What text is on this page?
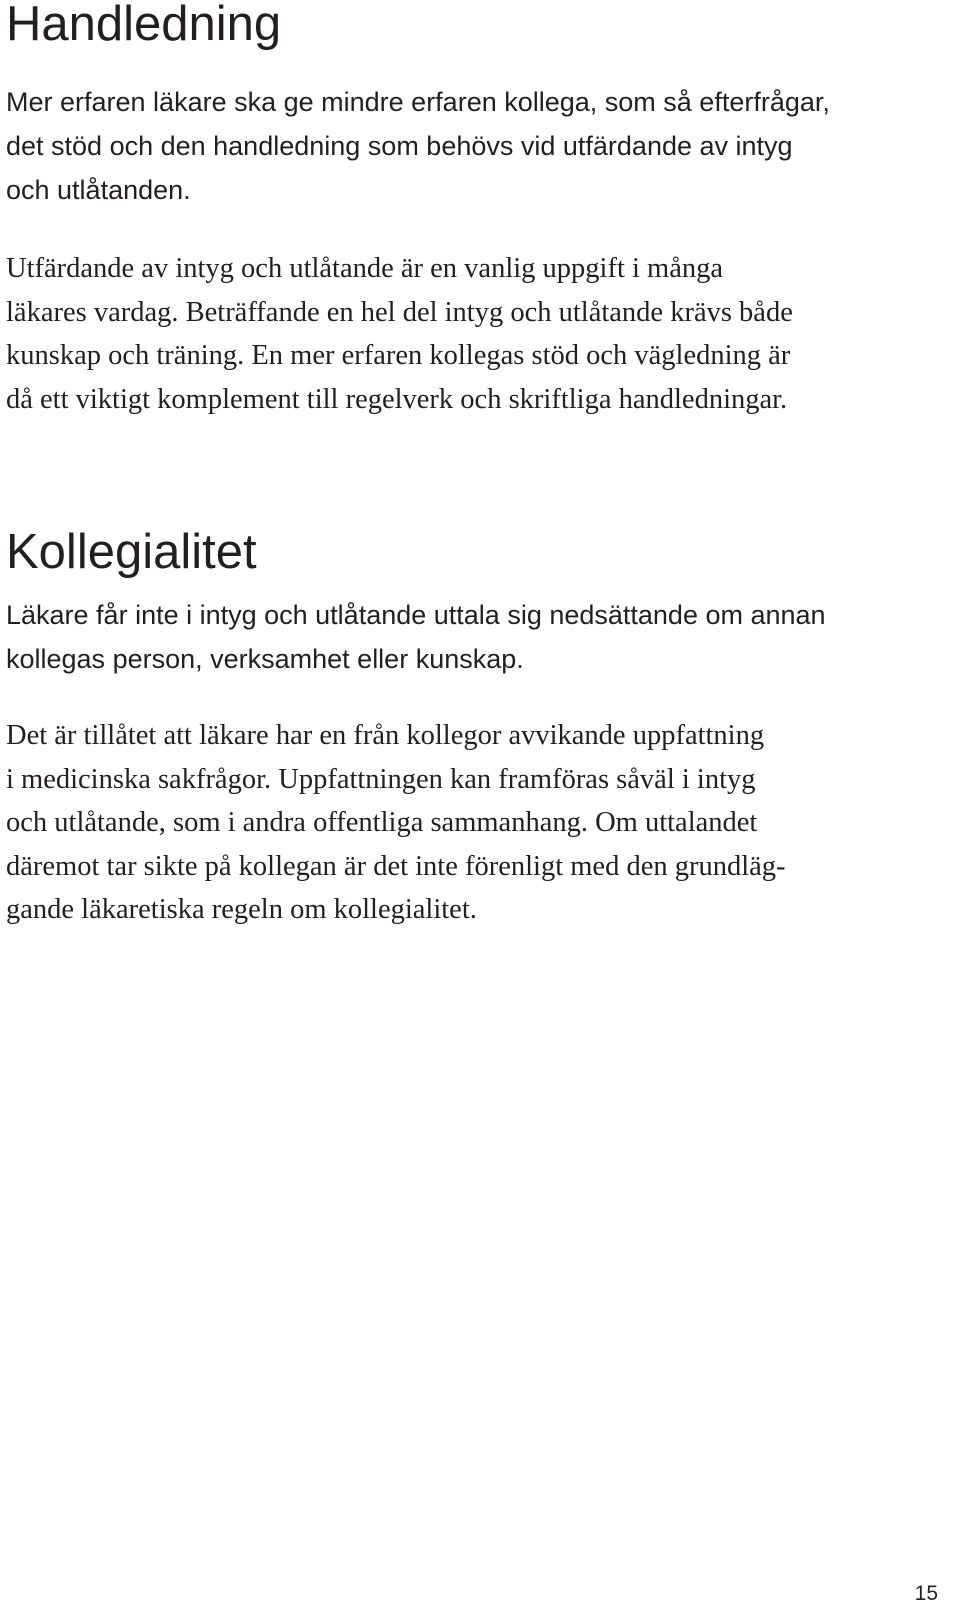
Handledning

Mer erfaren läkare ska ge mindre erfaren kollega, som så efterfrågar,
det stöd och den handledning som behövs vid utfärdande av intyg
och utlåtanden.

Utfärdande av intyg och utlåtande är en vanlig uppgift i många
läkares vardag. Beträffande en hel del intyg och utlåtande krävs både
kunskap och träning. En mer erfaren kollegas stöd och vägledning är
då ett viktigt komplement till regelverk och skriftliga handledningar.

Kollegialitet

Läkare får inte i intyg och utlåtande uttala sig nedsättande om annan
kollegas person, verksamhet eller kunskap.

Det är tillåtet att läkare har en från kollegor avvikande uppfattning
i medicinska sakfrågor. Uppfattningen kan framföras såväl i intyg
och utlåtande, som i andra offentliga sammanhang. Om uttalandet
däremot tar sikte på kollegan är det inte förenligt med den grundläg-
gande läkaretiska regeln om kollegialitet.

15
